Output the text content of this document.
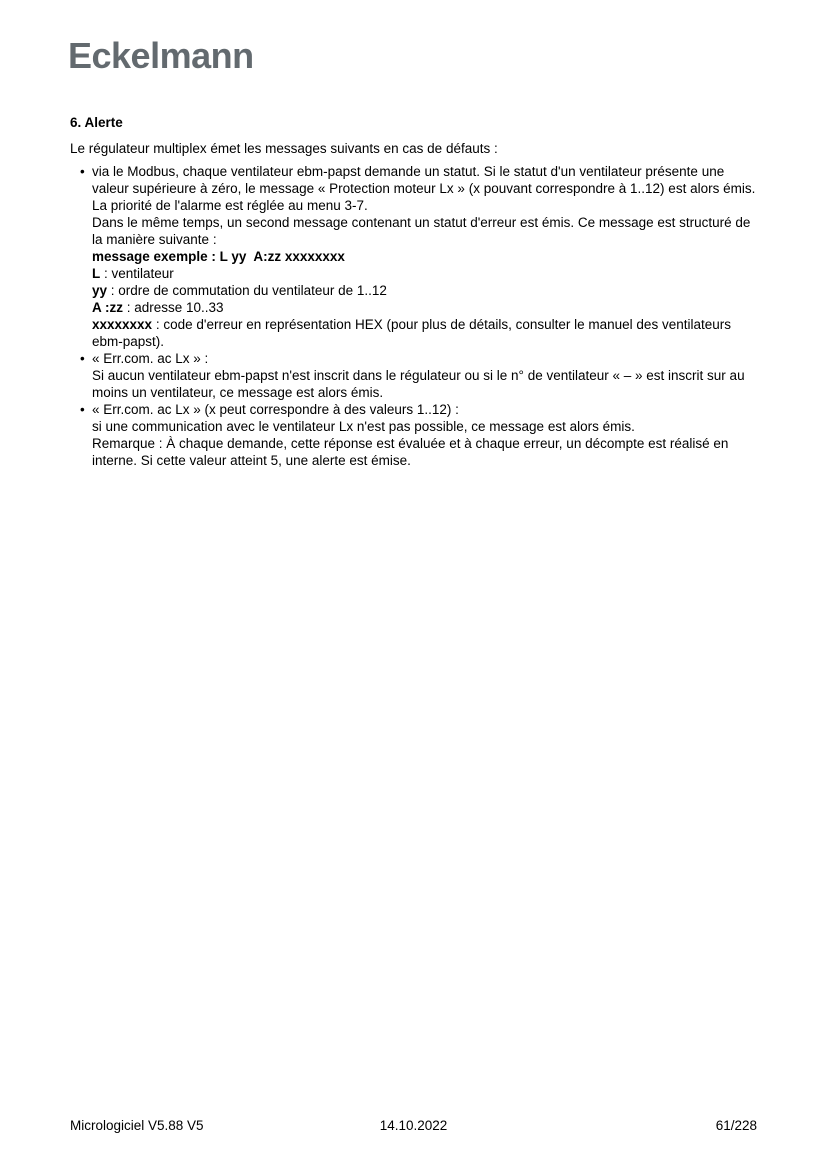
Eckelmann
6. Alerte

Le régulateur multiplex émet les messages suivants en cas de défauts :

• via le Modbus, chaque ventilateur ebm-papst demande un statut. Si le statut d'un ventilateur présente une valeur supérieure à zéro, le message « Protection moteur Lx » (x pouvant correspondre à 1..12) est alors émis. La priorité de l'alarme est réglée au menu 3-7.
Dans le même temps, un second message contenant un statut d'erreur est émis. Ce message est structuré de la manière suivante :
message exemple : L yy  A:zz xxxxxxxx
L : ventilateur
yy : ordre de commutation du ventilateur de 1..12
A :zz : adresse 10..33
xxxxxxxx : code d'erreur en représentation HEX (pour plus de détails, consulter le manuel des ventilateurs ebm-papst).
• « Err.com. ac Lx » :
Si aucun ventilateur ebm-papst n'est inscrit dans le régulateur ou si le n° de ventilateur « – » est inscrit sur au moins un ventilateur, ce message est alors émis.
• « Err.com. ac Lx » (x peut correspondre à des valeurs 1..12) :
si une communication avec le ventilateur Lx n'est pas possible, ce message est alors émis.
Remarque : À chaque demande, cette réponse est évaluée et à chaque erreur, un décompte est réalisé en interne. Si cette valeur atteint 5, une alerte est émise.
Micrologiciel V5.88 V5	14.10.2022	61/228
